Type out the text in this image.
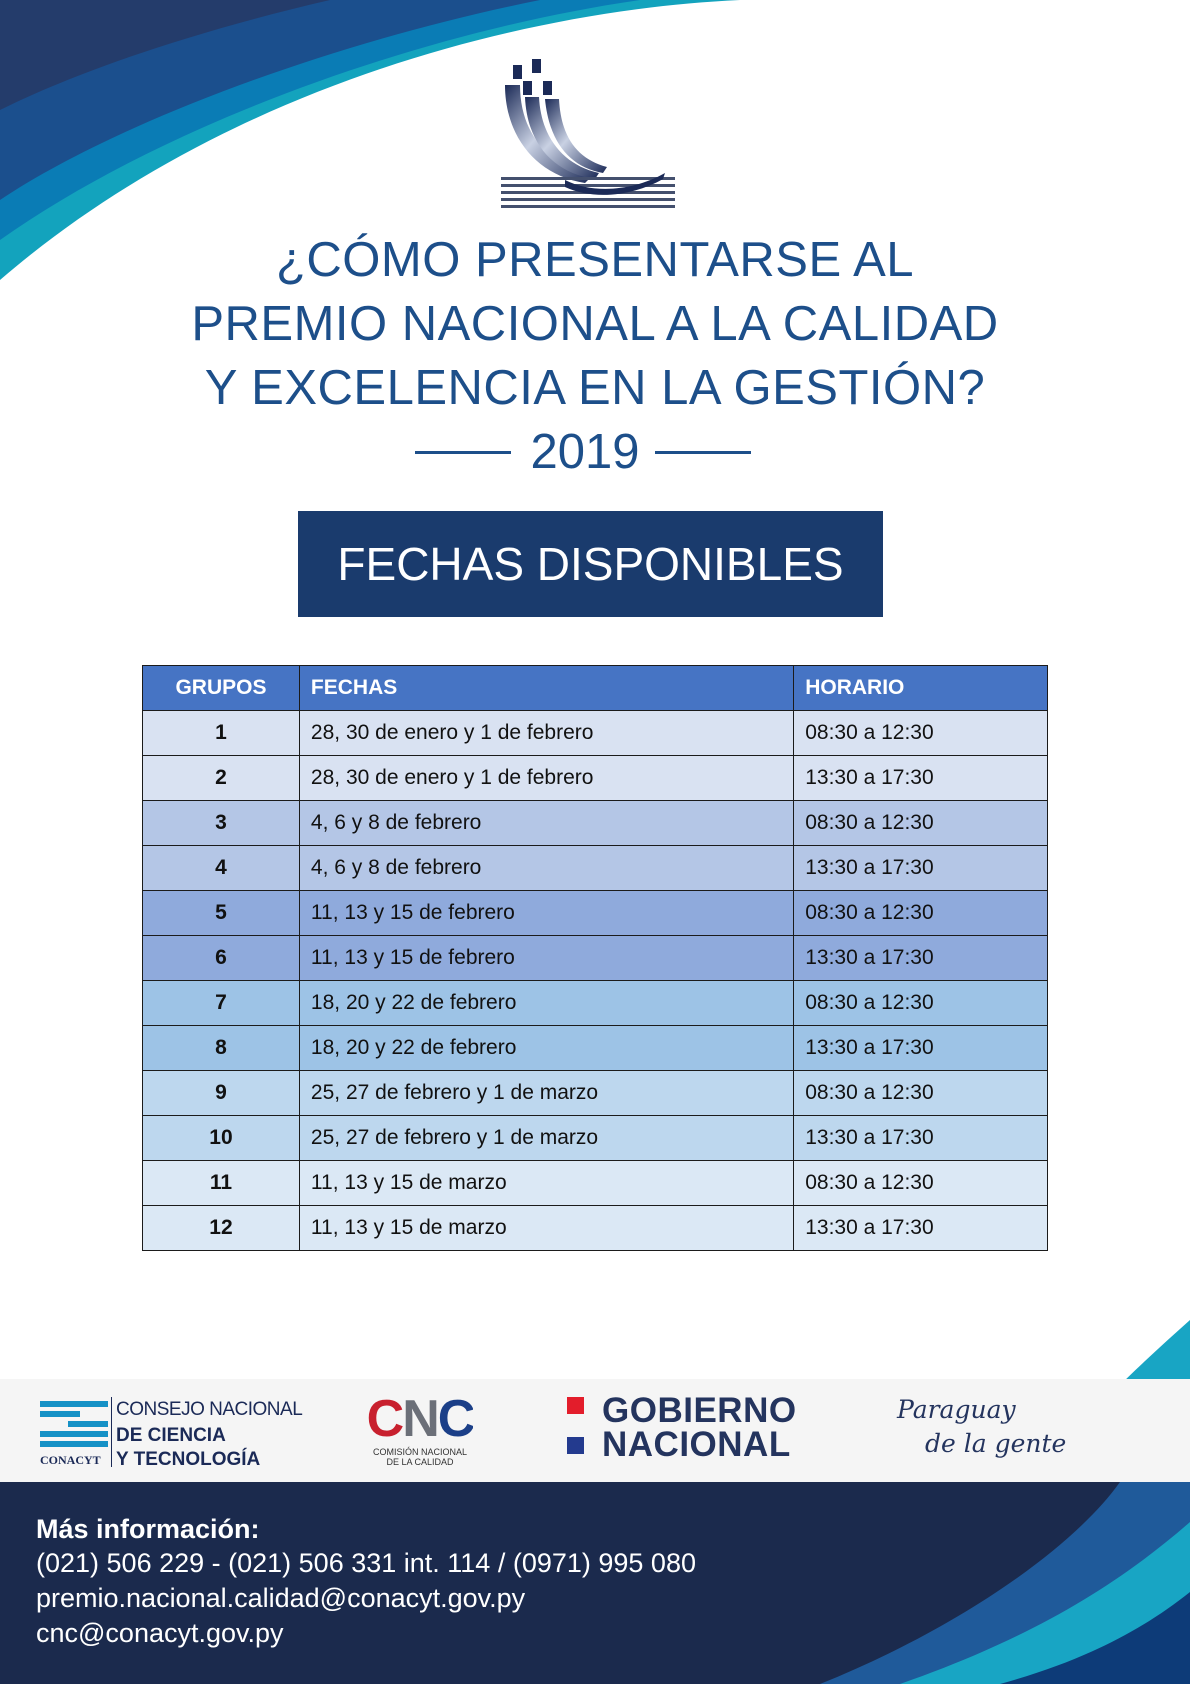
¿CÓMO PRESENTARSE AL
PREMIO NACIONAL A LA CALIDAD
Y EXCELENCIA EN LA GESTIÓN?
2019
FECHAS DISPONIBLES
GRUPOS	FECHAS	HORARIO
1	28, 30 de enero y 1 de febrero	08:30 a 12:30
2	28, 30 de enero y 1 de febrero	13:30 a 17:30
3	4, 6 y 8 de febrero	08:30 a 12:30
4	4, 6 y 8 de febrero	13:30 a 17:30
5	11, 13 y 15 de febrero	08:30 a 12:30
6	11, 13 y 15 de febrero	13:30 a 17:30
7	18, 20 y 22 de febrero	08:30 a 12:30
8	18, 20 y 22 de febrero	13:30 a 17:30
9	25, 27 de febrero y 1 de marzo	08:30 a 12:30
10	25, 27 de febrero y 1 de marzo	13:30 a 17:30
11	11, 13 y 15 de marzo	08:30 a 12:30
12	11, 13 y 15 de marzo	13:30 a 17:30
CONACYT
CONSEJO NACIONAL
DE CIENCIA
Y TECNOLOGÍA
CNC
COMISIÓN NACIONAL
DE LA CALIDAD
GOBIERNO
NACIONAL
Paraguay
de la gente
Más información:
(021) 506 229 - (021) 506 331 int. 114 / (0971) 995 080
premio.nacional.calidad@conacyt.gov.py
cnc@conacyt.gov.py
